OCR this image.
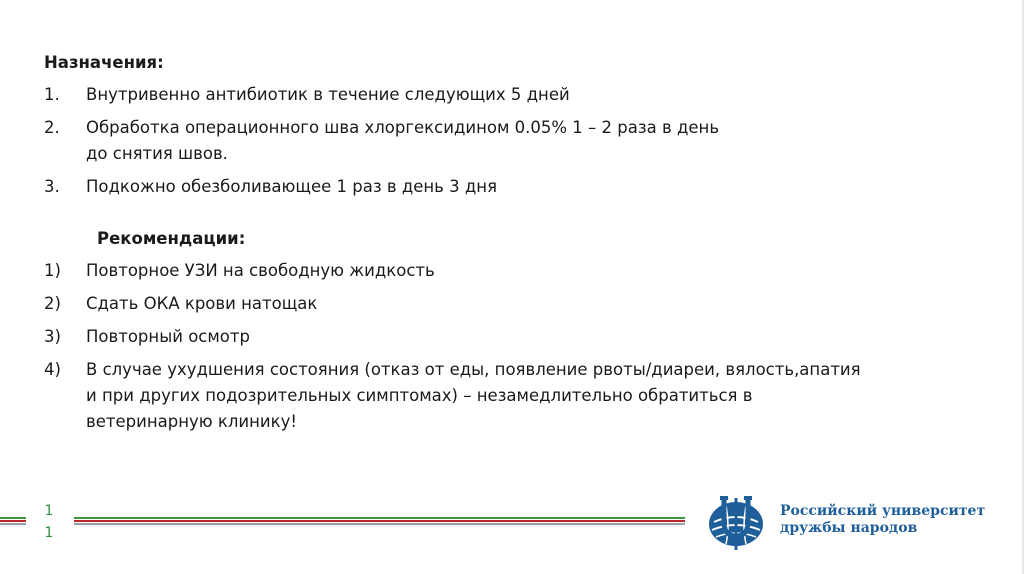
Назначения:
1.	Внутривенно антибиотик в течение следующих 5 дней
2.	Обработка операционного шва хлоргексидином 0.05% 1 – 2 раза в день до снятия швов.
3.	Подкожно обезболивающее 1 раз в день 3 дня
Рекомендации:
1)	Повторное УЗИ на свободную жидкость
2)	Сдать ОКА крови натощак
3)	Повторный осмотр
4)	В случае ухудшения состояния (отказ от еды, появление рвоты/диареи, вялость,апатия и при других подозрительных симптомах) – незамедлительно обратиться в ветеринарную клинику!
1
1
Российский университет
дружбы народов
